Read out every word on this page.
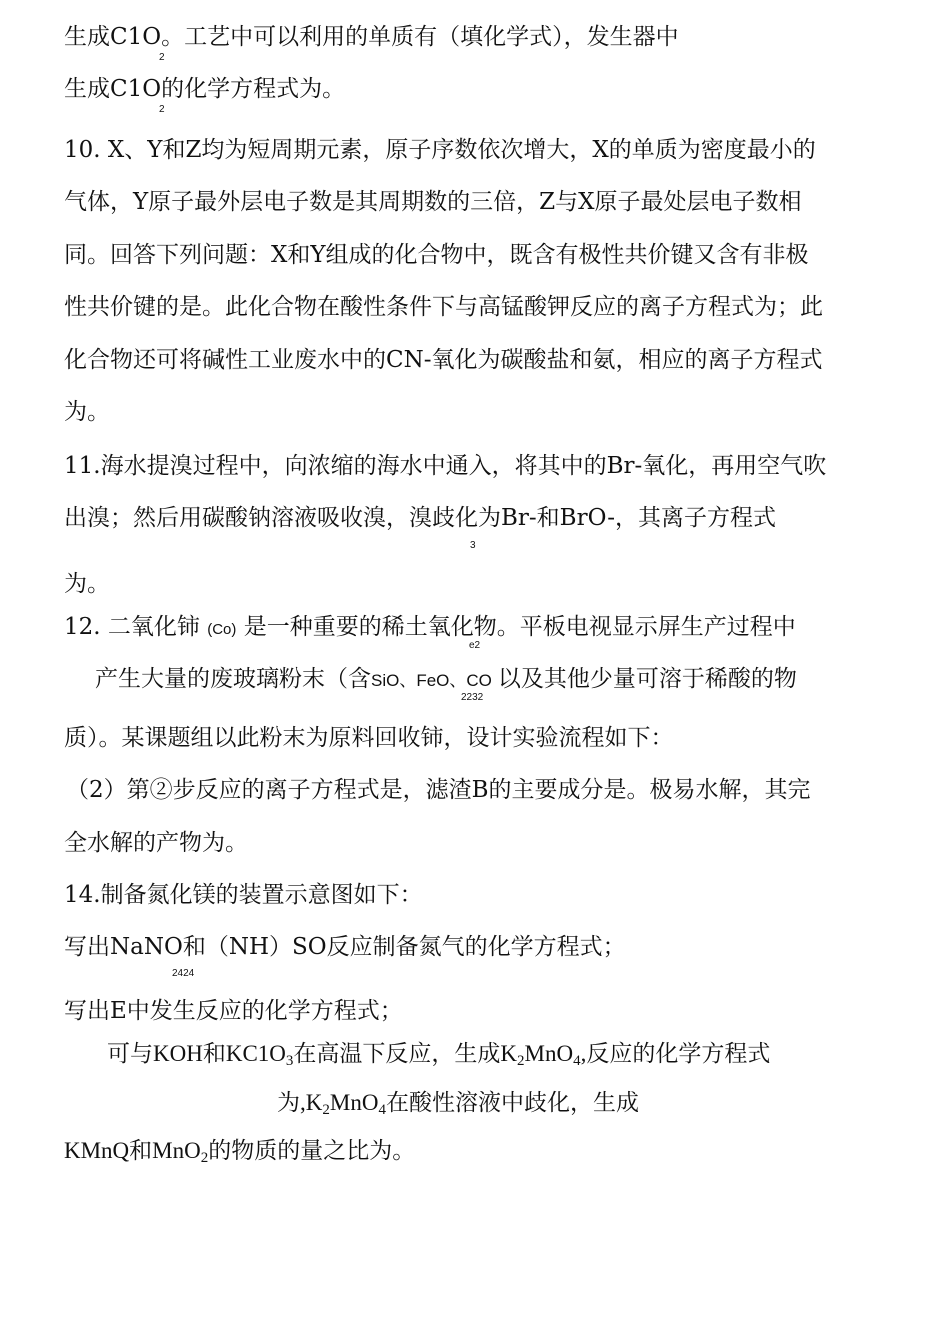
生成C1O。工艺中可以利用的单质有（填化学式），发生器中
2
生成C1O的化学方程式为。
2
10. X、Y和Z均为短周期元素，原子序数依次增大，X的单质为密度最小的
气体，Y原子最外层电子数是其周期数的三倍，Z与X原子最处层电子数相
同。回答下列问题：X和Y组成的化合物中，既含有极性共价键又含有非极
性共价键的是。此化合物在酸性条件下与高锰酸钾反应的离子方程式为；此
化合物还可将碱性工业废水中的CN-氧化为碳酸盐和氨，相应的离子方程式
为。
11.海水提溴过程中，向浓缩的海水中通入，将其中的Br-氧化，再用空气吹
出溴；然后用碳酸钠溶液吸收溴，溴歧化为Br-和BrO-，其离子方程式
3
为。
12. 二氧化铈 (Co) 是一种重要的稀土氧化物。平板电视显示屏生产过程中
e2
产生大量的废玻璃粉末（含SiO、FeO、CO 以及其他少量可溶于稀酸的物
2232
质）。某课题组以此粉末为原料回收铈，设计实验流程如下：
（2）第②步反应的离子方程式是，滤渣B的主要成分是。极易水解，其完
全水解的产物为。
14.制备氮化镁的装置示意图如下：
写出NaNO和（NH）SO反应制备氮气的化学方程式；
2424
写出E中发生反应的化学方程式；
可与KOH和$KC1O_3$在高温下反应，生成$K_2MnO_4$,反应的化学方程式
为$,K_2MnO_4$在酸性溶液中歧化，生成
KMnQ和MnO$_2$的物质的量之比为。
